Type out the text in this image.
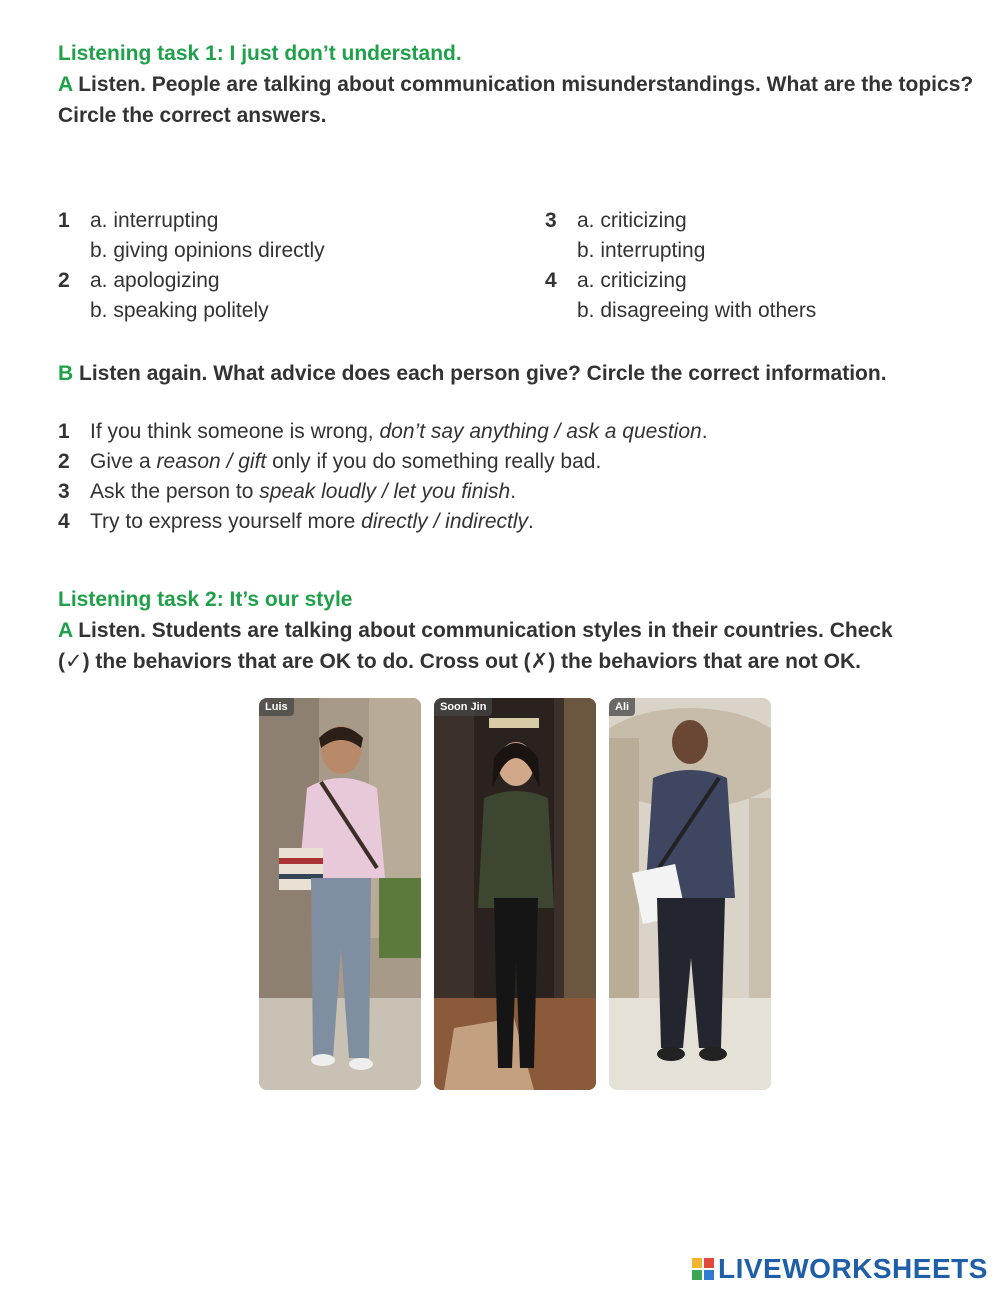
Listening task 1: I just don’t understand.
A Listen. People are talking about communication misunderstandings. What are the topics? Circle the correct answers.
1 a. interrupting
b. giving opinions directly
2 a. apologizing
b. speaking politely
3 a. criticizing
b. interrupting
4 a. criticizing
b. disagreeing with others
B Listen again. What advice does each person give? Circle the correct information.
1 If you think someone is wrong, don’t say anything / ask a question.
2 Give a reason / gift only if you do something really bad.
3 Ask the person to speak loudly / let you finish.
4 Try to express yourself more directly / indirectly.
Listening task 2: It’s our style
A Listen. Students are talking about communication styles in their countries. Check
(✓) the behaviors that are OK to do. Cross out (✗) the behaviors that are not OK.
Luis	Soon Jin	Ali
LIVEWORKSHEETS
